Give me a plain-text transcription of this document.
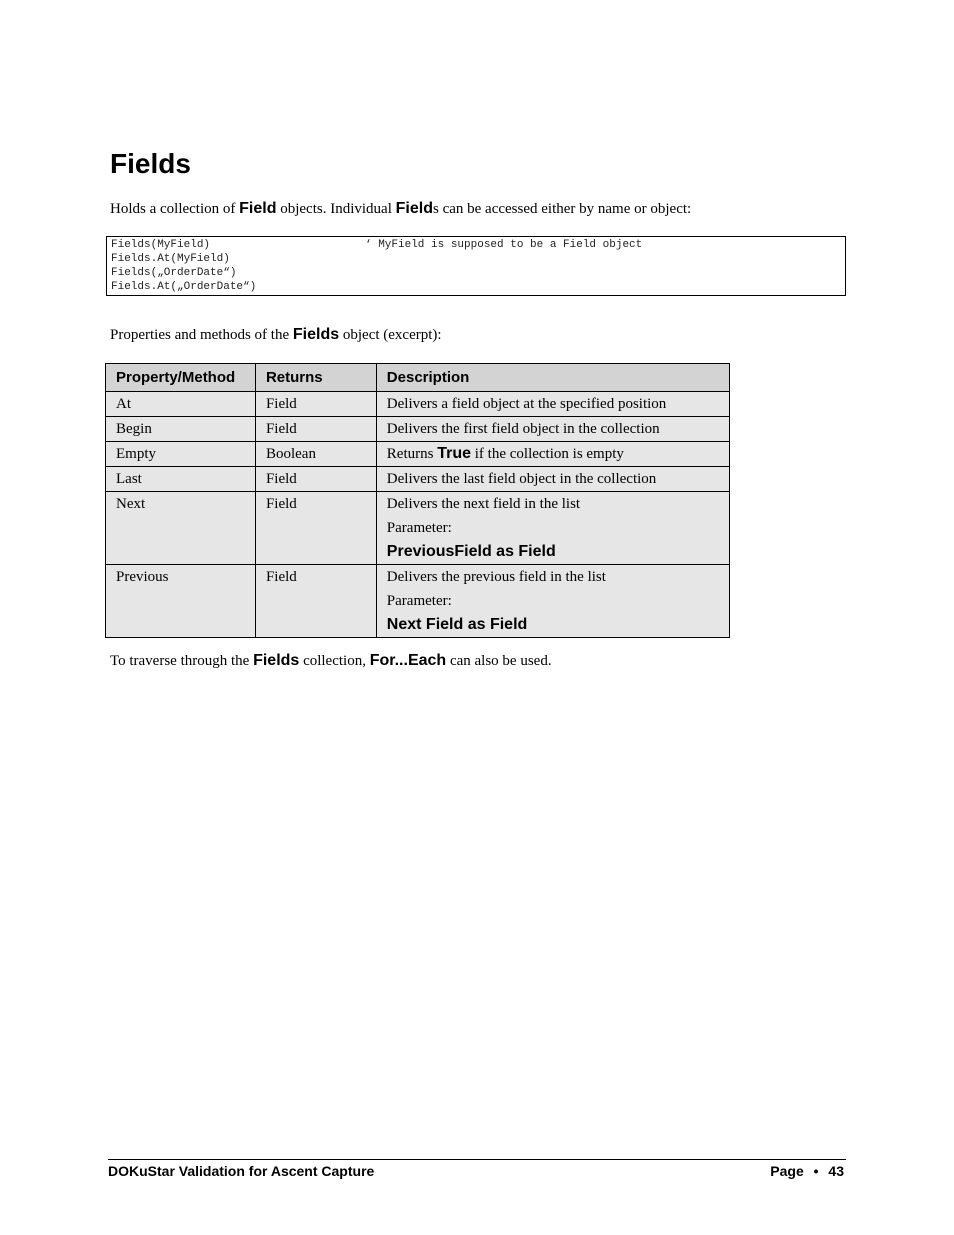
Fields
Holds a collection of Field objects. Individual Fields can be accessed either by name or object:
Fields(MyField)	‘ MyField is supposed to be a Field object
Fields.At(MyField)
Fields(„OrderDate“)
Fields.At(„OrderDate“)
Properties and methods of the Fields object (excerpt):
Property/Method	Returns	Description
At	Field	Delivers a field object at the specified position
Begin	Field	Delivers the first field object in the collection
Empty	Boolean	Returns True if the collection is empty
Last	Field	Delivers the last field object in the collection
Next	Field	Delivers the next field in the list
Parameter:
PreviousField as Field

Previous	Field	Delivers the previous field in the list
Parameter:
Next Field as Field
To traverse through the Fields collection, For...Each can also be used.
DOKuStar Validation for Ascent Capture	Page • 43
